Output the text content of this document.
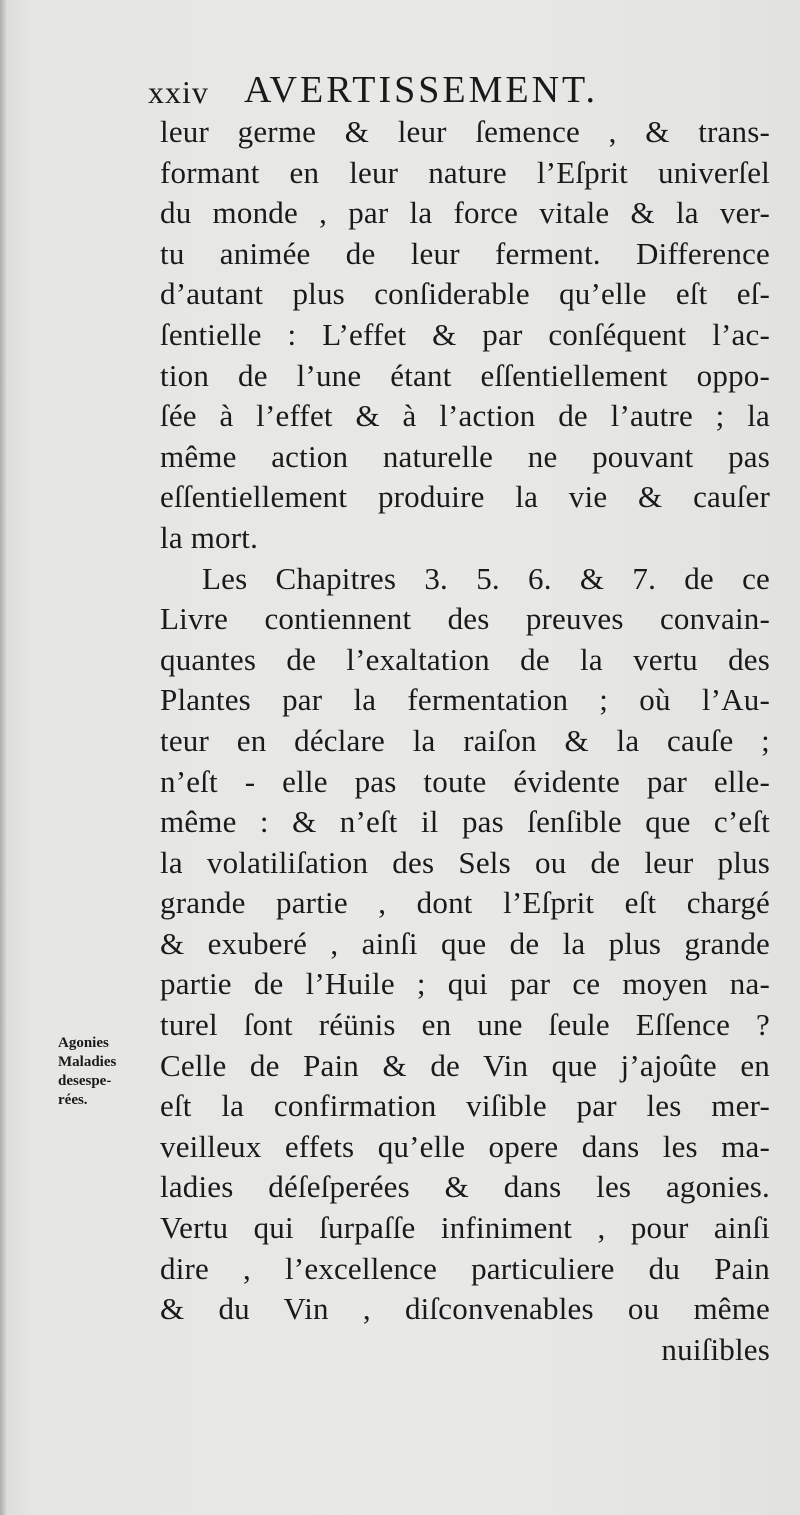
xxiv AVERTISSEMENT.
Agonies
Maladies
desespe-
rées.
leur germe & leur ſemence , & trans-
formant en leur nature l’Eſprit univerſel
du monde , par la force vitale & la ver-
tu animée de leur ferment. Difference
d’autant plus conſiderable qu’elle eſt eſ-
ſentielle : L’effet & par conſéquent l’ac-
tion de l’une étant eſſentiellement oppo-
ſée à l’effet & à l’action de l’autre ; la
même action naturelle ne pouvant pas
eſſentiellement produire la vie & cauſer
la mort.
Les Chapitres 3. 5. 6. & 7. de ce
Livre contiennent des preuves convain-
quantes de l’exaltation de la vertu des
Plantes par la fermentation ; où l’Au-
teur en déclare la raiſon & la cauſe ;
n’eſt - elle pas toute évidente par elle-
même : & n’eſt il pas ſenſible que c’eſt
la volatiliſation des Sels ou de leur plus
grande partie , dont l’Eſprit eſt chargé
& exuberé , ainſi que de la plus grande
partie de l’Huile ; qui par ce moyen na-
turel ſont réünis en une ſeule Eſſence ?
Celle de Pain & de Vin que j’ajoûte en
eſt la confirmation viſible par les mer-
veilleux effets qu’elle opere dans les ma-
ladies déſeſperées & dans les agonies.
Vertu qui ſurpaſſe infiniment , pour ainſi
dire , l’excellence particuliere du Pain
& du Vin , diſconvenables ou même
nuiſibles
